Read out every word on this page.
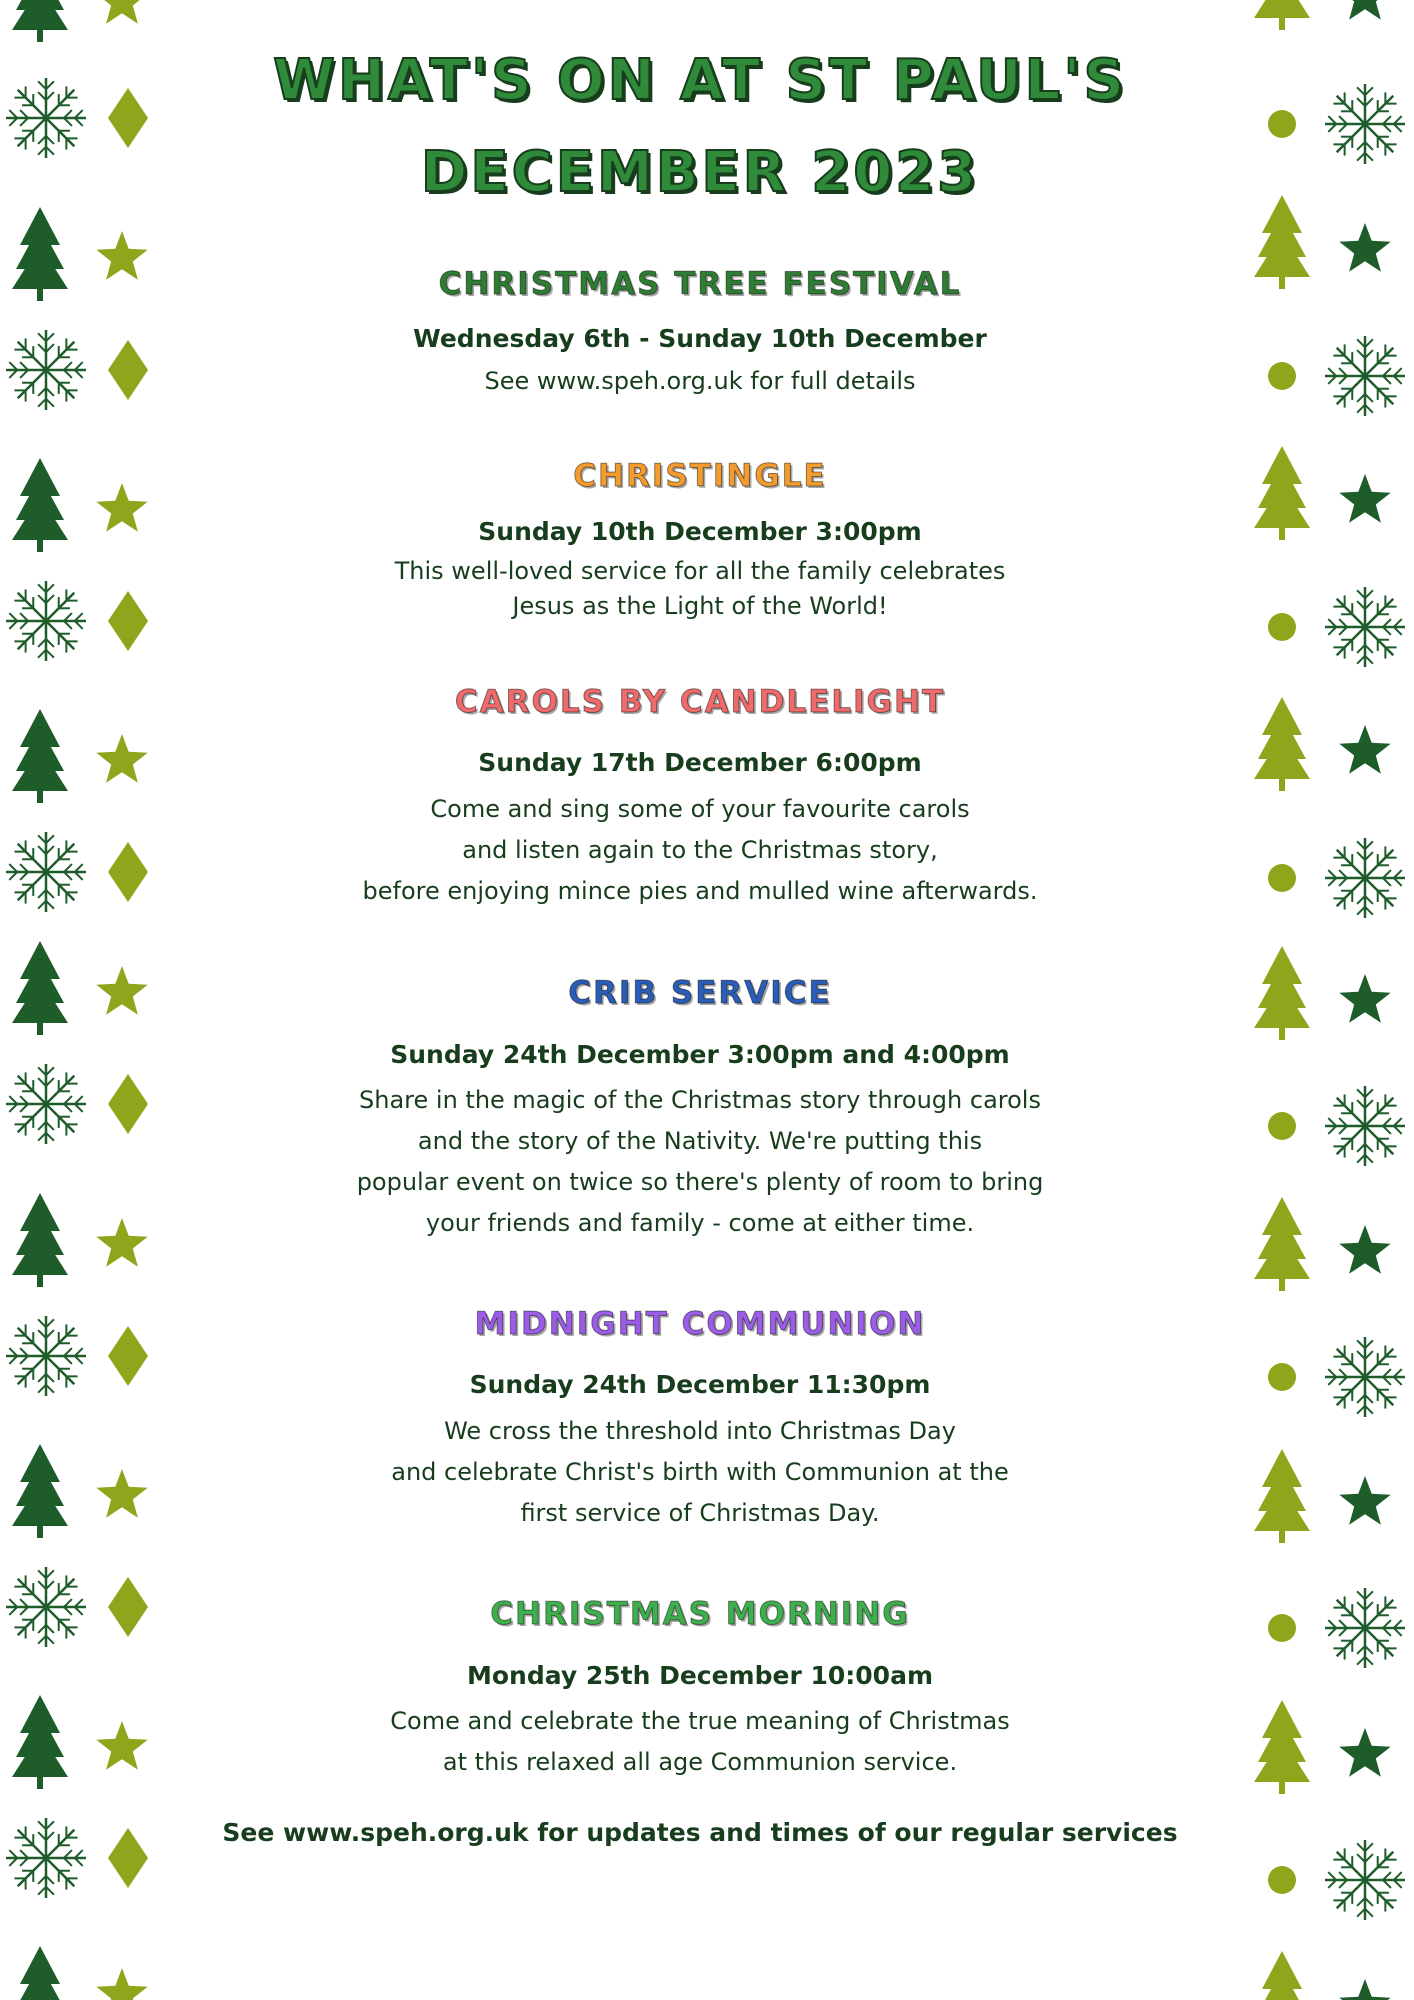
WHAT'S ON AT ST PAUL'S
DECEMBER 2023
CHRISTMAS TREE FESTIVAL
Wednesday 6th - Sunday 10th December
See www.speh.org.uk for full details
CHRISTINGLE
Sunday 10th December 3:00pm
This well-loved service for all the family celebrates
Jesus as the Light of the World!
CAROLS BY CANDLELIGHT
Sunday 17th December 6:00pm
Come and sing some of your favourite carols
and listen again to the Christmas story,
before enjoying mince pies and mulled wine afterwards.
CRIB SERVICE
Sunday 24th December 3:00pm and 4:00pm
Share in the magic of the Christmas story through carols
and the story of the Nativity. We're putting this
popular event on twice so there's plenty of room to bring
your friends and family - come at either time.
MIDNIGHT COMMUNION
Sunday 24th December 11:30pm
We cross the threshold into Christmas Day
and celebrate Christ's birth with Communion at the
first service of Christmas Day.
CHRISTMAS MORNING
Monday 25th December 10:00am
Come and celebrate the true meaning of Christmas
at this relaxed all age Communion service.
See www.speh.org.uk for updates and times of our regular services
